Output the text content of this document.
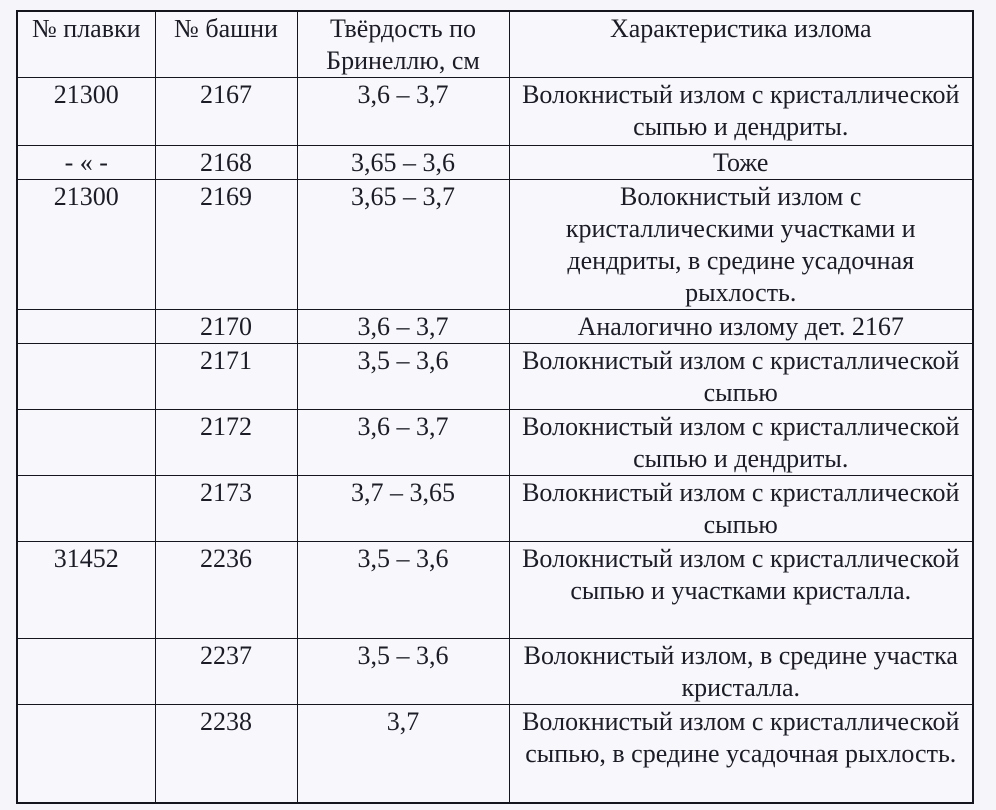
№ плавки	№ башни	Твёрдость по Бринеллю, см	Характеристика излома
21300	2167	3,6 – 3,7	Волокнистый излом с кристаллической сыпью и дендриты.
- « -	2168	3,65 – 3,6	Тоже
21300	2169	3,65 – 3,7	Волокнистый излом с кристаллическими участками и дендриты, в средине усадочная рыхлость.
	2170	3,6 – 3,7	Аналогично излому дет. 2167
	2171	3,5 – 3,6	Волокнистый излом с кристаллической сыпью
	2172	3,6 – 3,7	Волокнистый излом с кристаллической сыпью и дендриты.
	2173	3,7 – 3,65	Волокнистый излом с кристаллической сыпью
31452	2236	3,5 – 3,6	Волокнистый излом с кристаллической сыпью и участками кристалла.
	2237	3,5 – 3,6	Волокнистый излом, в средине участка кристалла.
	2238	3,7	Волокнистый излом с кристаллической сыпью, в средине усадочная рыхлость.
